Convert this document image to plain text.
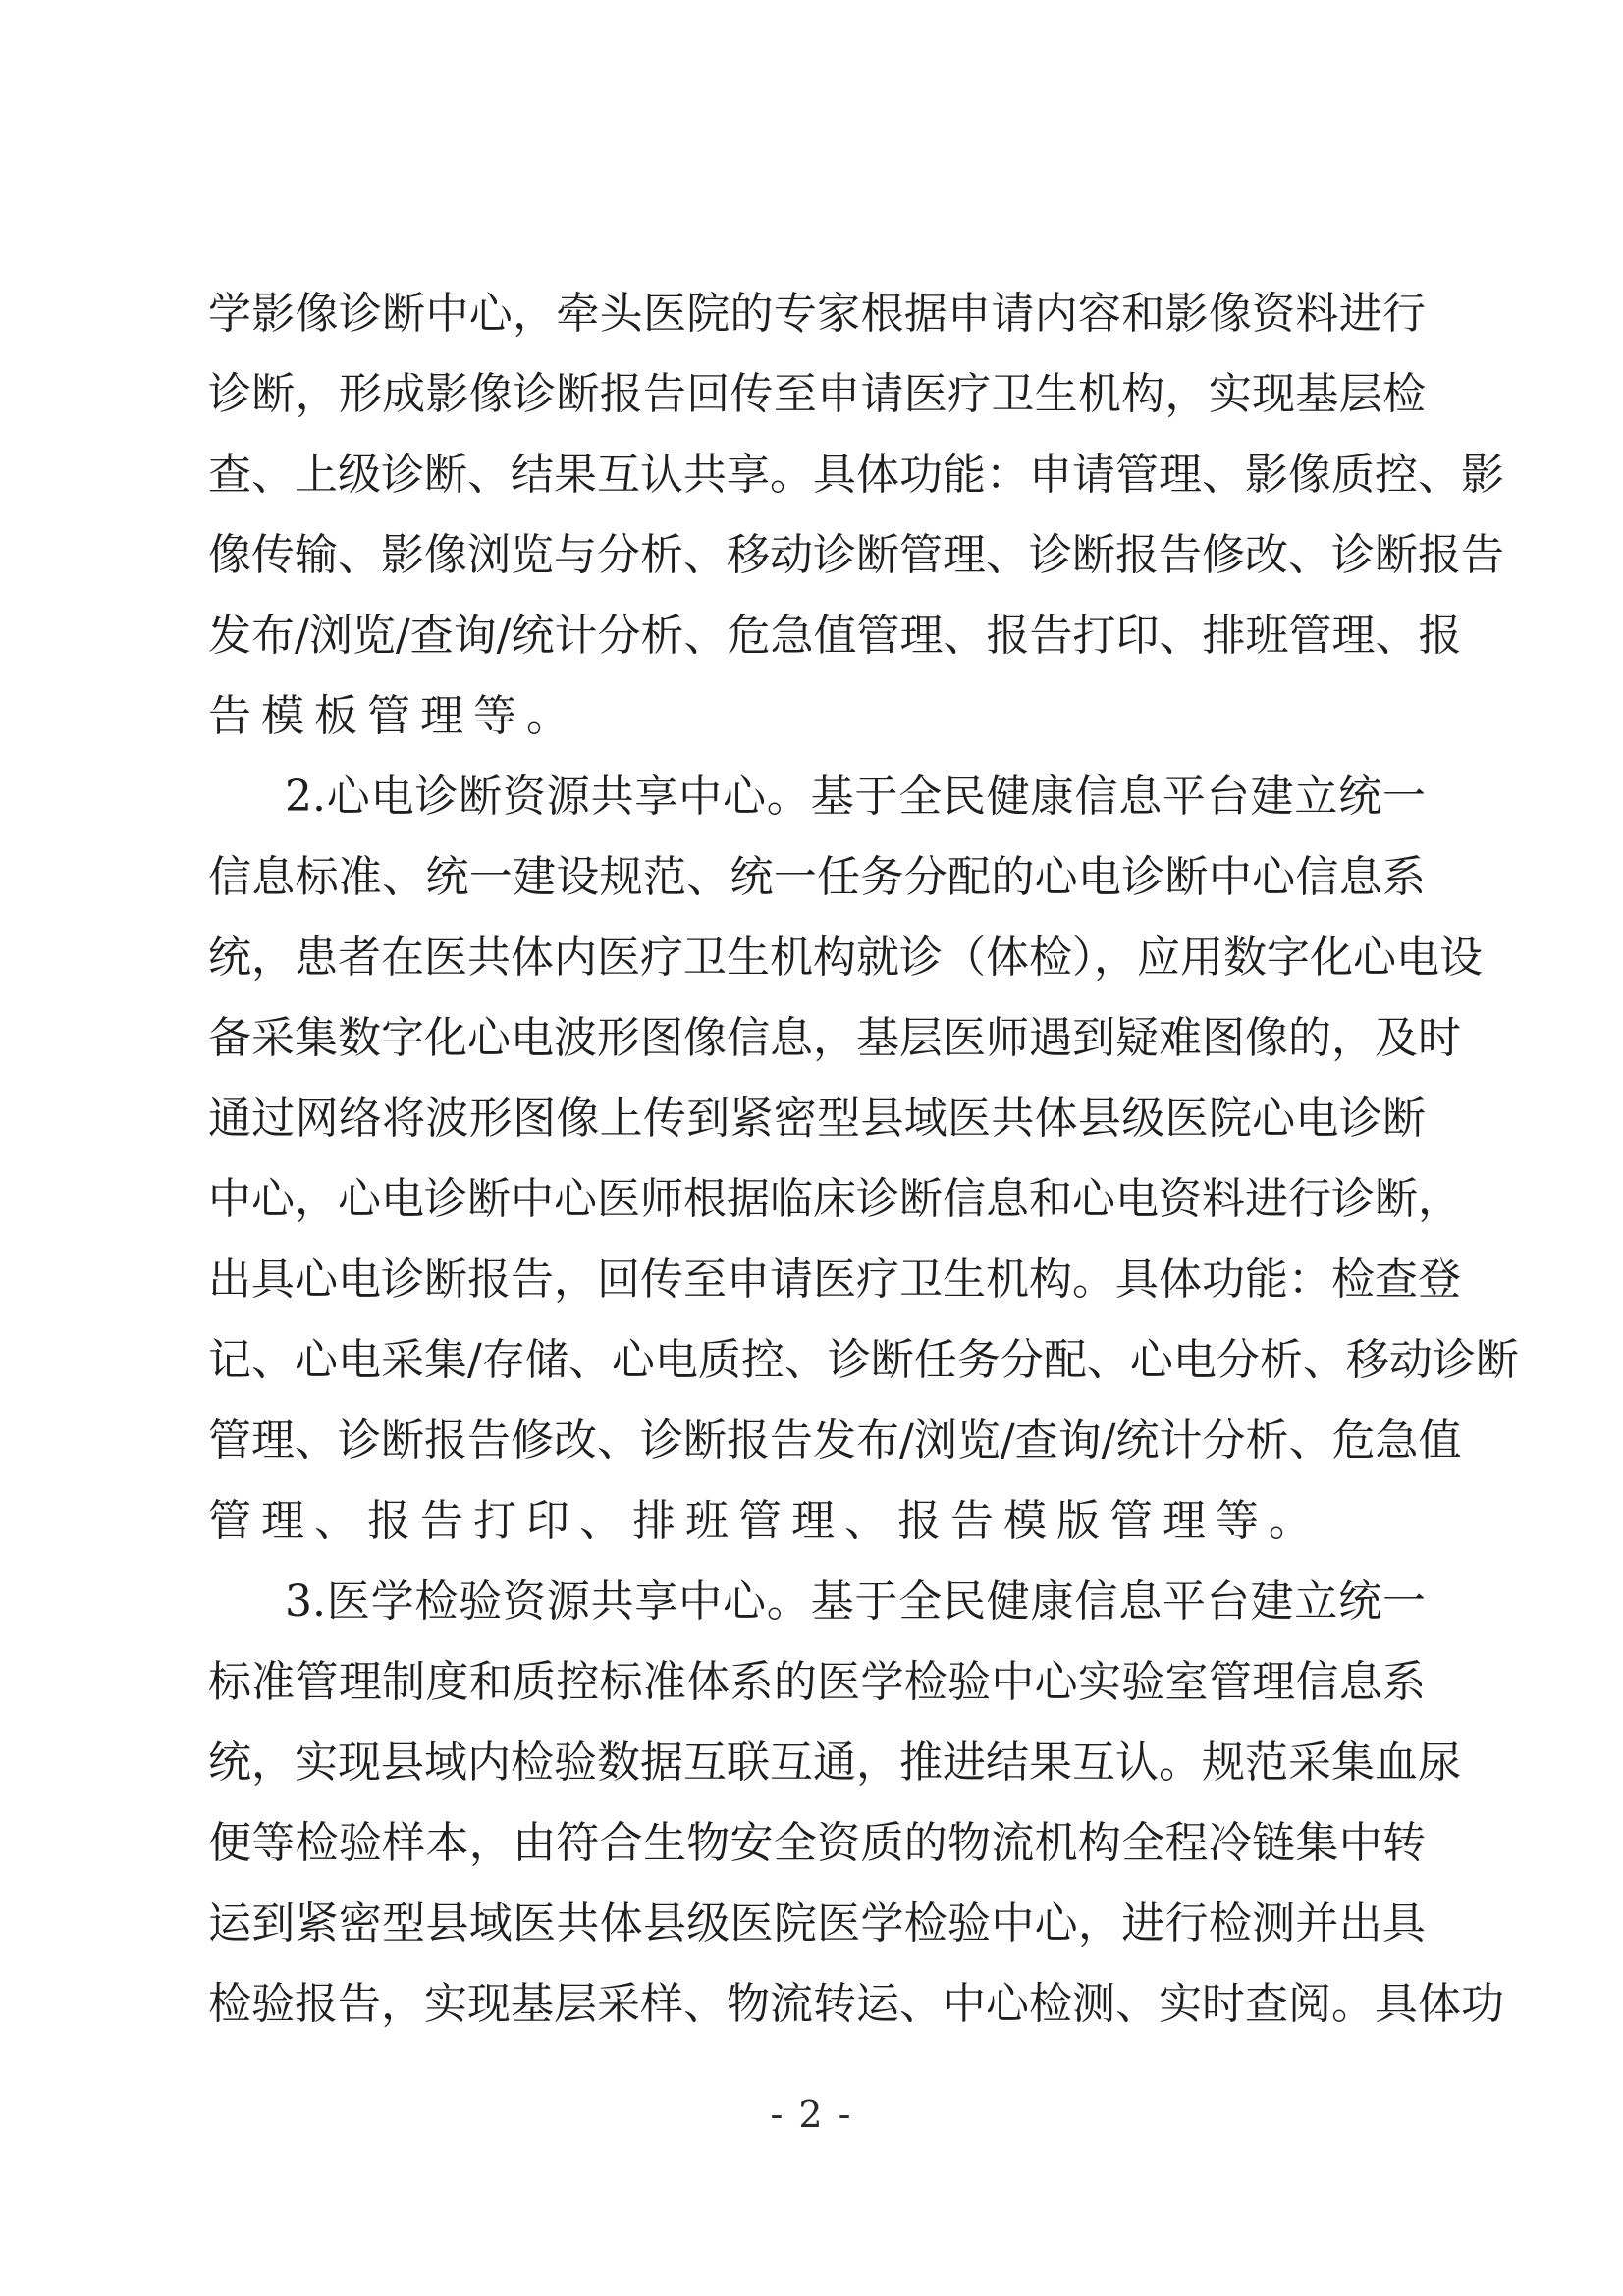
学影像诊断中心，牵头医院的专家根据申请内容和影像资料进行
诊断，形成影像诊断报告回传至申请医疗卫生机构，实现基层检
查、上级诊断、结果互认共享。具体功能：申请管理、影像质控、影
像传输、影像浏览与分析、移动诊断管理、诊断报告修改、诊断报告
发布/浏览/查询/统计分析、危急值管理、报告打印、排班管理、报
告模板管理等。
2.心电诊断资源共享中心。基于全民健康信息平台建立统一
信息标准、统一建设规范、统一任务分配的心电诊断中心信息系
统，患者在医共体内医疗卫生机构就诊（体检），应用数字化心电设
备采集数字化心电波形图像信息，基层医师遇到疑难图像的，及时
通过网络将波形图像上传到紧密型县域医共体县级医院心电诊断
中心，心电诊断中心医师根据临床诊断信息和心电资料进行诊断，
出具心电诊断报告，回传至申请医疗卫生机构。具体功能：检查登
记、心电采集/存储、心电质控、诊断任务分配、心电分析、移动诊断
管理、诊断报告修改、诊断报告发布/浏览/查询/统计分析、危急值
管理、报告打印、排班管理、报告模版管理等。
3.医学检验资源共享中心。基于全民健康信息平台建立统一
标准管理制度和质控标准体系的医学检验中心实验室管理信息系
统，实现县域内检验数据互联互通，推进结果互认。规范采集血尿
便等检验样本，由符合生物安全资质的物流机构全程冷链集中转
运到紧密型县域医共体县级医院医学检验中心，进行检测并出具
检验报告，实现基层采样、物流转运、中心检测、实时查阅。具体功
- 2 -
